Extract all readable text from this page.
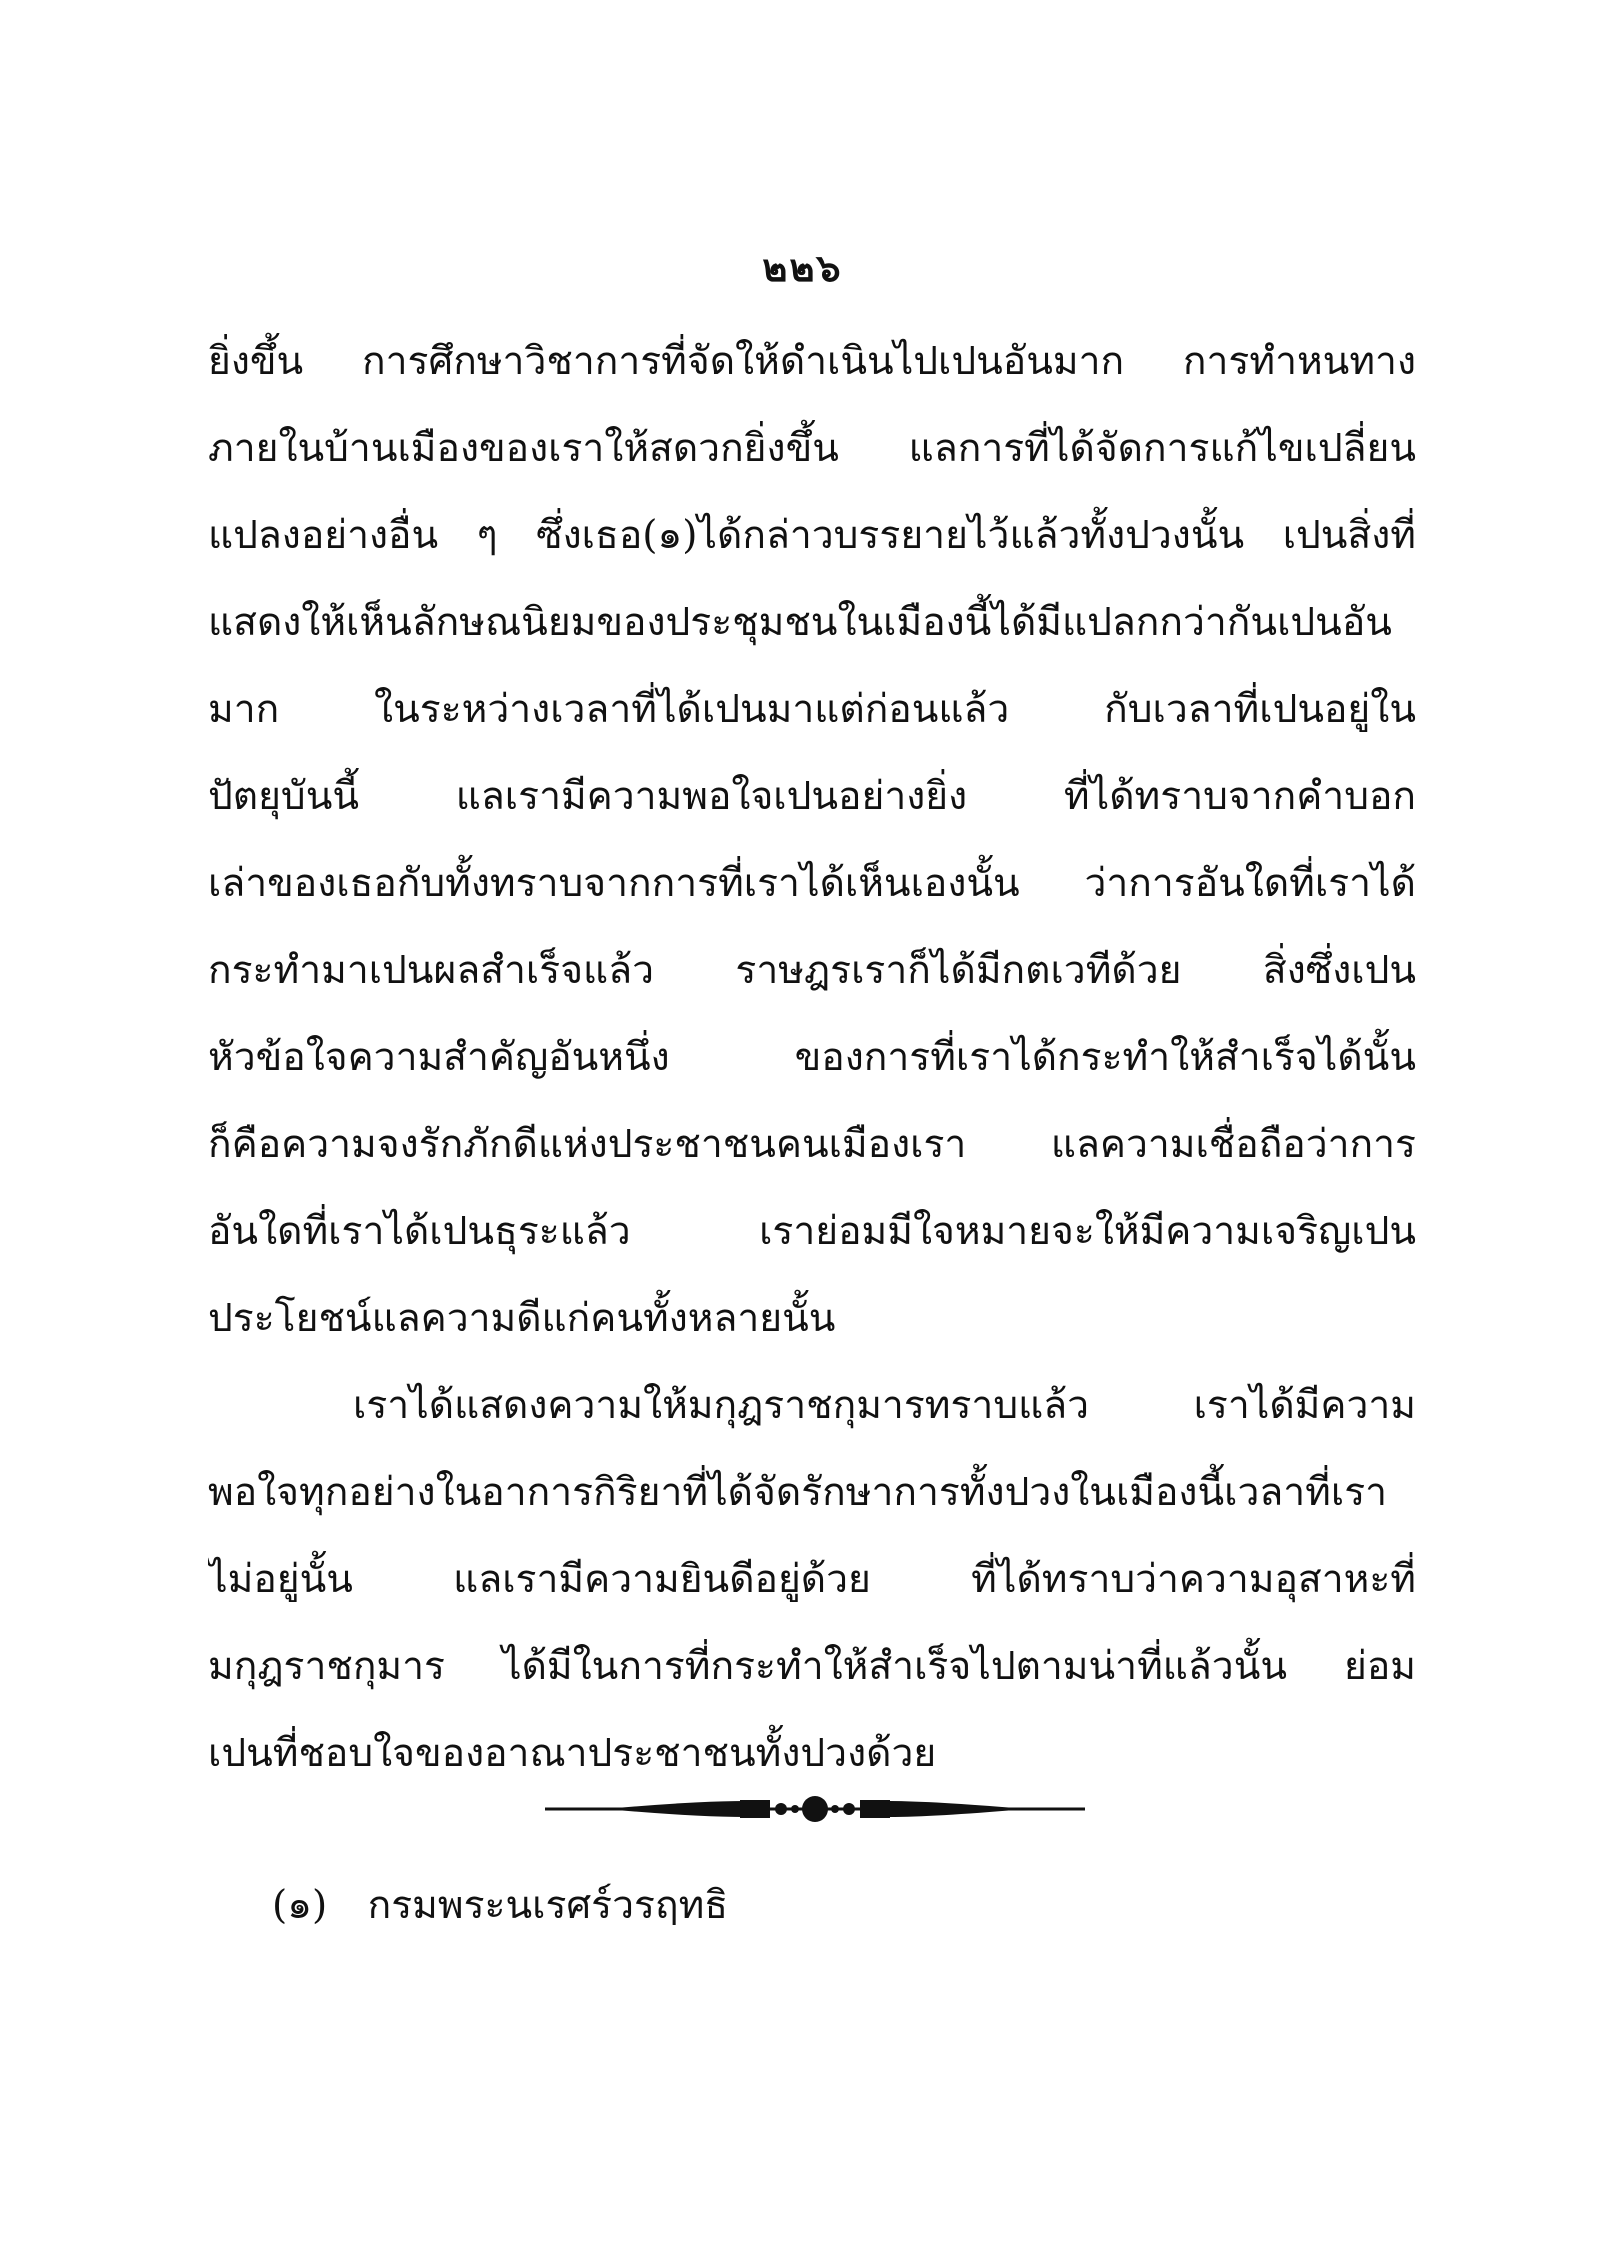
๒๒๖
ยิ่งขึ้น การศึกษาวิชาการที่จัดให้ดำเนินไปเปนอันมาก การทำหนทาง
ภายในบ้านเมืองของเราให้สดวกยิ่งขึ้น แลการที่ได้จัดการแก้ไขเปลี่ยน
แปลงอย่างอื่น ๆ ซึ่งเธอ(๑)ได้กล่าวบรรยายไว้แล้วทั้งปวงนั้น เปนสิ่งที่
แสดงให้เห็นลักษณนิยมของประชุมชนในเมืองนี้ได้มีแปลกกว่ากันเปนอัน
มาก ในระหว่างเวลาที่ได้เปนมาแต่ก่อนแล้ว กับเวลาที่เปนอยู่ใน
ปัตยุบันนี้ แลเรามีความพอใจเปนอย่างยิ่ง ที่ได้ทราบจากคำบอก
เล่าของเธอกับทั้งทราบจากการที่เราได้เห็นเองนั้น ว่าการอันใดที่เราได้
กระทำมาเปนผลสำเร็จแล้ว ราษฎรเราก็ได้มีกตเวทีด้วย สิ่งซึ่งเปน
หัวข้อใจความสำคัญอันหนึ่ง ของการที่เราได้กระทำให้สำเร็จได้นั้น
ก็คือความจงรักภักดีแห่งประชาชนคนเมืองเรา แลความเชื่อถือว่าการ
อันใดที่เราได้เปนธุระแล้ว เราย่อมมีใจหมายจะให้มีความเจริญเปน
ประโยชน์แลความดีแก่คนทั้งหลายนั้น
เราได้แสดงความให้มกุฎราชกุมารทราบแล้ว เราได้มีความ
พอใจทุกอย่างในอาการกิริยาที่ได้จัดรักษาการทั้งปวงในเมืองนี้เวลาที่เรา
ไม่อยู่นั้น แลเรามีความยินดีอยู่ด้วย ที่ได้ทราบว่าความอุสาหะที่
มกุฎราชกุมาร ได้มีในการที่กระทำให้สำเร็จไปตามน่าที่แล้วนั้น ย่อม
เปนที่ชอบใจของอาณาประชาชนทั้งปวงด้วย
(๑) กรมพระนเรศร์วรฤทธิ
